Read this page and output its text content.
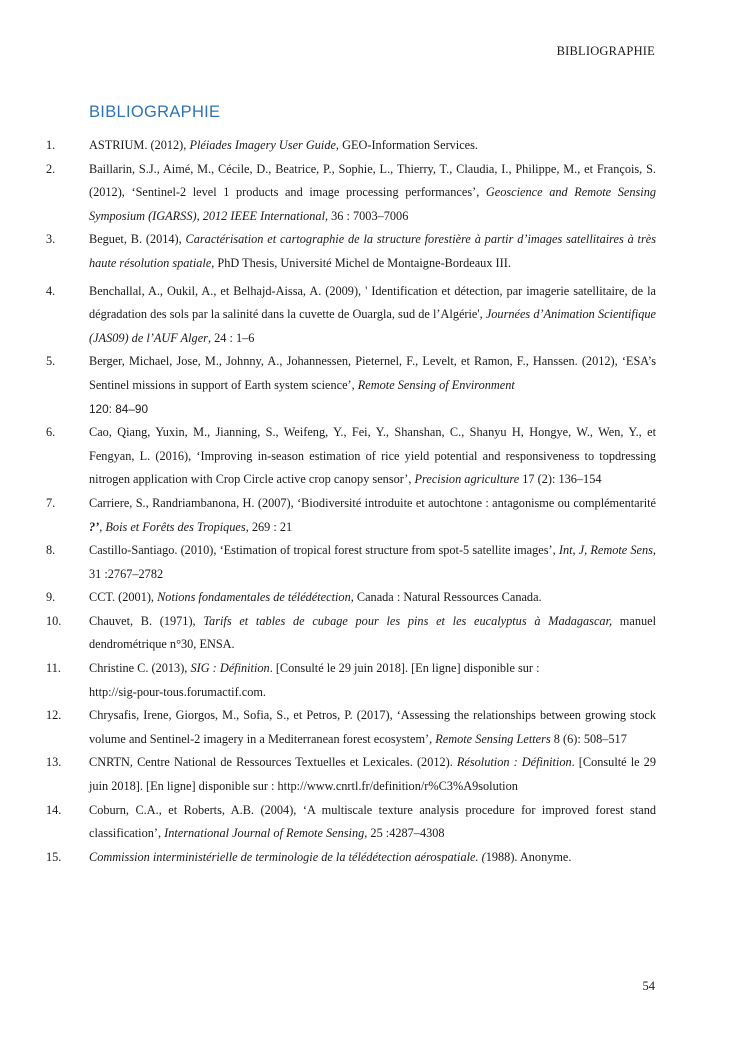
BIBLIOGRAPHIE
BIBLIOGRAPHIE
1.	ASTRIUM. (2012), Pléiades Imagery User Guide, GEO-Information Services.
2.	Baillarin, S.J., Aimé, M., Cécile, D., Beatrice, P., Sophie, L., Thierry, T., Claudia, I., Philippe, M., et François, S. (2012), ‘Sentinel-2 level 1 products and image processing performances’, Geoscience and Remote Sensing Symposium (IGARSS), 2012 IEEE International, 36 : 7003–7006
3.	Beguet, B. (2014), Caractérisation et cartographie de la structure forestière à partir d’images satellitaires à très haute résolution spatiale, PhD Thesis, Université Michel de Montaigne-Bordeaux III.
4.	Benchallal, A., Oukil, A., et Belhajd-Aissa, A. (2009), ' Identification et détection, par imagerie satellitaire, de la dégradation des sols par la salinité dans la cuvette de Ouargla, sud de l’Algérie', Journées d’Animation Scientifique (JAS09) de l’AUF Alger, 24 : 1–6
5.	Berger, Michael, Jose, M., Johnny, A., Johannessen, Pieternel, F., Levelt, et Ramon, F., Hanssen. (2012), ‘ESA’s Sentinel missions in support of Earth system science’, Remote Sensing of Environment
120: 84–90
6.	Cao, Qiang, Yuxin, M., Jianning, S., Weifeng, Y., Fei, Y., Shanshan, C., Shanyu H, Hongye, W., Wen, Y., et Fengyan, L. (2016), ‘Improving in-season estimation of rice yield potential and responsiveness to topdressing nitrogen application with Crop Circle active crop canopy sensor’, Precision agriculture 17 (2): 136–154
7.	Carriere, S., Randriambanona, H. (2007), ‘Biodiversité introduite et autochtone : antagonisme ou complémentarité ?’, Bois et Forêts des Tropiques, 269 : 21
8.	Castillo-Santiago. (2010), ‘Estimation of tropical forest structure from spot-5 satellite images’, Int, J, Remote Sens, 31 :2767–2782
9.	CCT. (2001), Notions fondamentales de télédétection, Canada : Natural Ressources Canada.
10. Chauvet, B. (1971), Tarifs et tables de cubage pour les pins et les eucalyptus à Madagascar, manuel dendrométrique n°30, ENSA.
11. Christine C. (2013), SIG : Définition. [Consulté le 29 juin 2018]. [En ligne] disponible sur :
http://sig-pour-tous.forumactif.com.
12. Chrysafis, Irene, Giorgos, M., Sofia, S., et Petros, P. (2017), ‘Assessing the relationships between growing stock volume and Sentinel-2 imagery in a Mediterranean forest ecosystem’, Remote Sensing Letters 8 (6): 508–517
13. CNRTN, Centre National de Ressources Textuelles et Lexicales. (2012). Résolution : Définition. [Consulté le 29 juin 2018]. [En ligne] disponible sur : http://www.cnrtl.fr/definition/r%C3%A9solution
14. Coburn, C.A., et Roberts, A.B. (2004), ‘A multiscale texture analysis procedure for improved forest stand classification’, International Journal of Remote Sensing, 25 :4287–4308
15. Commission interministérielle de terminologie de la télédétection aérospatiale. (1988). Anonyme.
54
